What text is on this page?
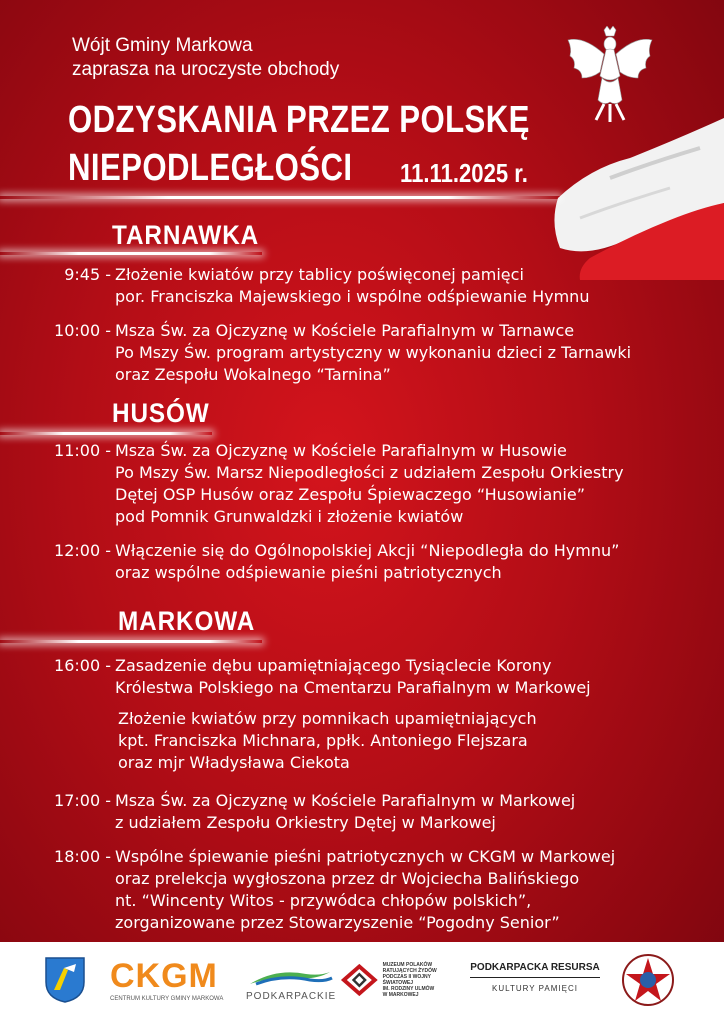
Wójt Gminy Markowa
zaprasza na uroczyste obchody
ODZYSKANIA PRZEZ POLSKĘ
NIEPODLEGŁOŚCI 11.11.2025 r.
TARNAWKA
9:45 - Złożenie kwiatów przy tablicy poświęconej pamięci
por. Franciszka Majewskiego i wspólne odśpiewanie Hymnu
10:00 - Msza Św. za Ojczyznę w Kościele Parafialnym w Tarnawce
Po Mszy Św. program artystyczny w wykonaniu dzieci z Tarnawki
oraz Zespołu Wokalnego “Tarnina”
HUSÓW
11:00 - Msza Św. za Ojczyznę w Kościele Parafialnym w Husowie
Po Mszy Św. Marsz Niepodległości z udziałem Zespołu Orkiestry
Dętej OSP Husów oraz Zespołu Śpiewaczego “Husowianie”
pod Pomnik Grunwaldzki i złożenie kwiatów
12:00 - Włączenie się do Ogólnopolskiej Akcji “Niepodległa do Hymnu”
oraz wspólne odśpiewanie pieśni patriotycznych
MARKOWA
16:00 - Zasadzenie dębu upamiętniającego Tysiąclecie Korony
Królestwa Polskiego na Cmentarzu Parafialnym w Markowej
Złożenie kwiatów przy pomnikach upamiętniających
kpt. Franciszka Michnara, ppłk. Antoniego Flejszara
oraz mjr Władysława Ciekota
17:00 - Msza Św. za Ojczyznę w Kościele Parafialnym w Markowej
z udziałem Zespołu Orkiestry Dętej w Markowej
18:00 - Wspólne śpiewanie pieśni patriotycznych w CKGM w Markowej
oraz prelekcja wygłoszona przez dr Wojciecha Balińskiego
nt. “Wincenty Witos - przywódca chłopów polskich”,
zorganizowane przez Stowarzyszenie “Pogodny Senior”
CKGM
CENTRUM KULTURY GMINY MARKOWA PODKARPACKIE
MUZEUM POLAKÓW
RATUJĄCYCH ŻYDÓW
PODCZAS II WOJNY ŚWIATOWEJ
IM. RODZINY ULMÓW
W MARKOWEJ
PODKARPACKA RESURSA
KULTURY PAMIĘCI
